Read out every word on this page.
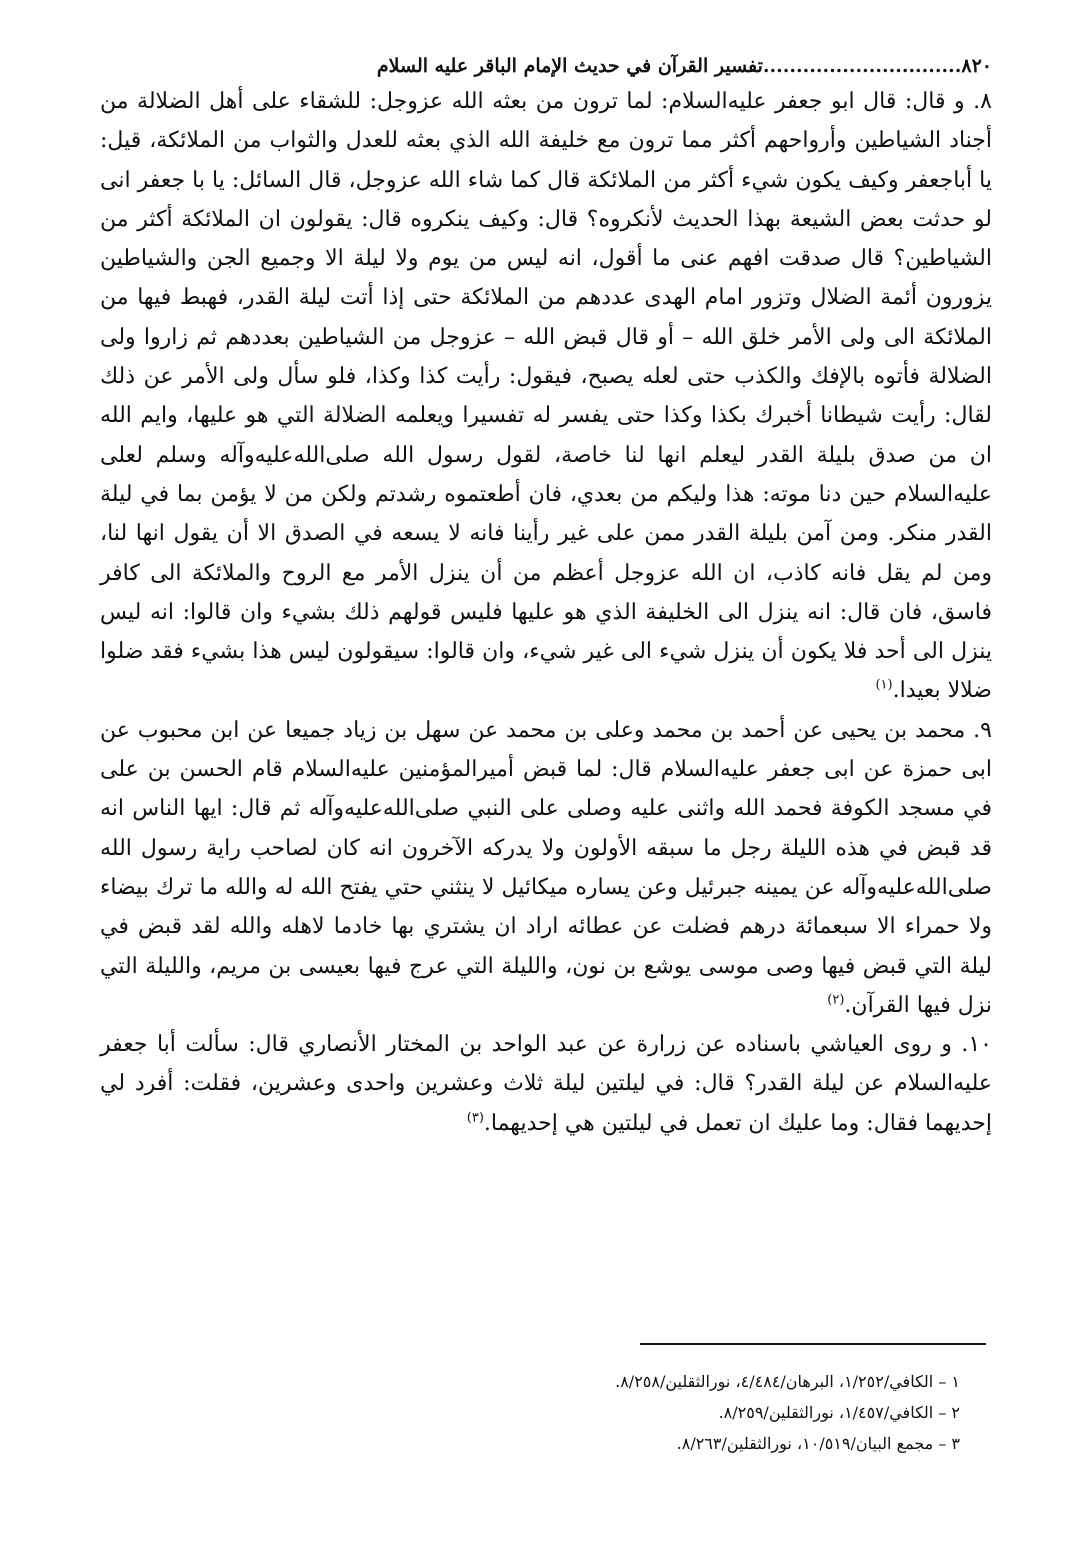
٨٢٠..............................تفسير القرآن في حديث الإمام الباقر عليه السلام

٨. و قال: قال ابو جعفر عليه‌السلام: لما ترون من بعثه الله عزوجل: للشقاء على أهل الضلالة من أجناد الشياطين وأرواحهم أكثر مما ترون مع خليفة الله الذي بعثه للعدل والثواب من الملائكة، قيل: يا أباجعفر وكيف يكون شيء أكثر من الملائكة قال كما شاء الله عزوجل، قال السائل: يا با جعفر انى لو حدثت بعض الشيعة بهذا الحديث لأنكروه؟ قال: وكيف ينكروه قال: يقولون ان الملائكة أكثر من الشياطين؟ قال صدقت افهم عنى ما أقول، انه ليس من يوم ولا ليلة الا وجميع الجن والشياطين يزورون أئمة الضلال وتزور امام الهدى عددهم من الملائكة حتى إذا أتت ليلة القدر، فهبط فيها من الملائكة الى ولى الأمر خلق الله – أو قال قبض الله – عزوجل من الشياطين بعددهم ثم زاروا ولى الضلالة فأتوه بالإفك والكذب حتى لعله يصبح، فيقول: رأيت كذا وكذا، فلو سأل ولى الأمر عن ذلك لقال: رأيت شيطانا أخبرك بكذا وكذا حتى يفسر له تفسيرا ويعلمه الضلالة التي هو عليها، وايم الله ان من صدق بليلة القدر ليعلم انها لنا خاصة، لقول رسول الله صلى‌الله‌عليه‌وآله وسلم لعلى عليه‌السلام حين دنا موته: هذا وليكم من بعدي، فان أطعتموه رشدتم ولكن من لا يؤمن بما في ليلة القدر منكر. ومن آمن بليلة القدر ممن على غير رأينا فانه لا يسعه في الصدق الا أن يقول انها لنا، ومن لم يقل فانه كاذب، ان الله عزوجل أعظم من أن ينزل الأمر مع الروح والملائكة الى كافر فاسق، فان قال: انه ينزل الى الخليفة الذي هو عليها فليس قولهم ذلك بشيء وان قالوا: انه ليس ينزل الى أحد فلا يكون أن ينزل شيء الى غير شيء، وان قالوا: سيقولون ليس هذا بشيء فقد ضلوا ضلالا بعيدا.$^{(١)}$

٩. محمد بن يحيى عن أحمد بن محمد وعلى بن محمد عن سهل بن زياد جميعا عن ابن محبوب عن ابى حمزة عن ابى جعفر عليه‌السلام قال: لما قبض أميرالمؤمنين عليه‌السلام قام الحسن بن على في مسجد الكوفة فحمد الله واثنى عليه وصلى على النبي صلى‌الله‌عليه‌وآله ثم قال: ايها الناس انه قد قبض في هذه الليلة رجل ما سبقه الأولون ولا يدركه الآخرون انه كان لصاحب راية رسول الله صلى‌الله‌عليه‌وآله عن يمينه جبرئيل وعن يساره ميكائيل لا ينثني حتي يفتح الله له والله ما ترك بيضاء ولا حمراء الا سبعمائة درهم فضلت عن عطائه اراد ان يشتري بها خادما لاهله والله لقد قبض في ليلة التي قبض فيها وصى موسى يوشع بن نون، والليلة التي عرج فيها بعيسى بن مريم، والليلة التي نزل فيها القرآن.$^{(٢)}$

١٠. و روى العياشي باسناده عن زرارة عن عبد الواحد بن المختار الأنصاري قال: سألت أبا جعفر عليه‌السلام عن ليلة القدر؟ قال: في ليلتين ليلة ثلاث وعشرين واحدى وعشرين، فقلت: أفرد لي إحديهما فقال: وما عليك ان تعمل في ليلتين هي إحديهما.$^{(٣)}$

١ – الكافي/١/٢٥٢، البرهان/٤/٤٨٤، نورالثقلين/٨/٢٥٨.

٢ – الكافي/١/٤٥٧، نورالثقلين/٨/٢٥٩.

٣ – مجمع البيان/١٠/٥١٩، نورالثقلين/٨/٢٦٣.
